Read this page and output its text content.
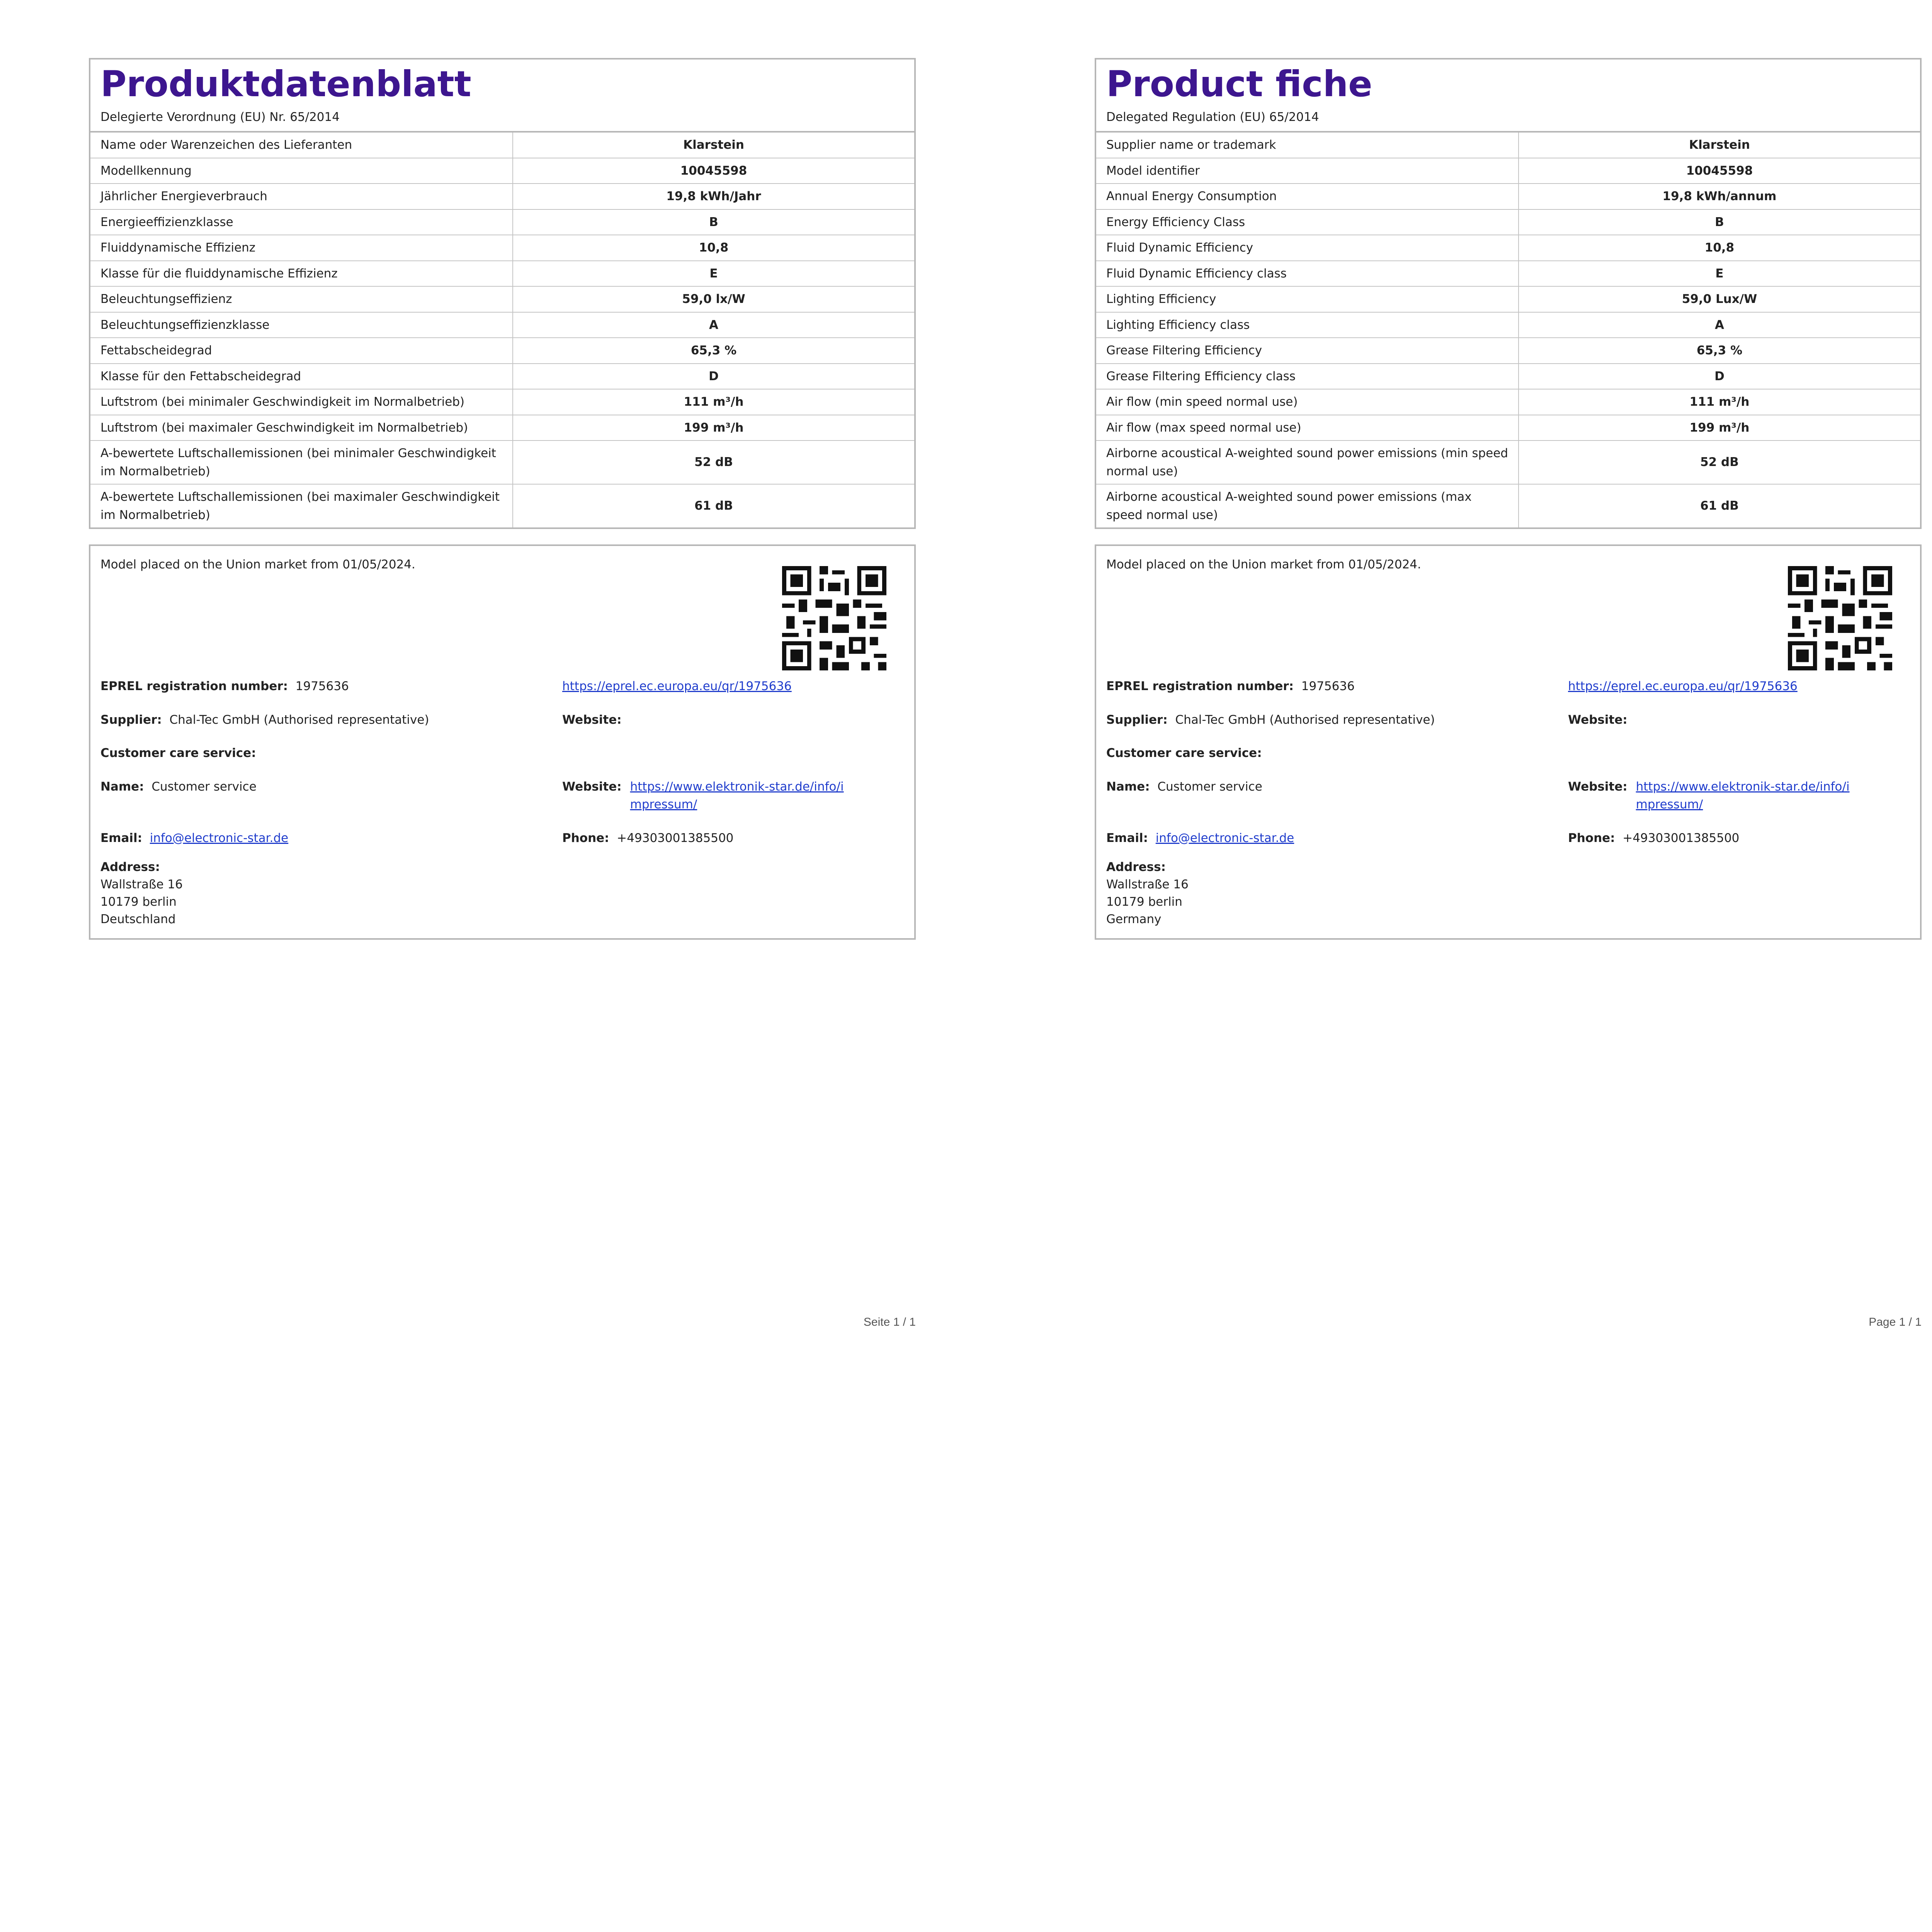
Produktdatenblatt
Delegierte Verordnung (EU) Nr. 65/2014
Name oder Warenzeichen des Lieferanten	Klarstein
Modellkennung	10045598
Jährlicher Energieverbrauch	19,8 kWh/Jahr
Energieeffizienzklasse	B
Fluiddynamische Effizienz	10,8
Klasse für die fluiddynamische Effizienz	E
Beleuchtungseffizienz	59,0 lx/W
Beleuchtungseffizienzklasse	A
Fettabscheidegrad	65,3 %
Klasse für den Fettabscheidegrad	D
Luftstrom (bei minimaler Geschwindigkeit im Normalbetrieb)	111 m³/h
Luftstrom (bei maximaler Geschwindigkeit im Normalbetrieb)	199 m³/h
A-bewertete Luftschallemissionen (bei minimaler Geschwindigkeit im Normalbetrieb)	52 dB
A-bewertete Luftschallemissionen (bei maximaler Geschwindigkeit im Normalbetrieb)	61 dB
Model placed on the Union market from 01/05/2024.
EPREL registration number: 1975636	https://eprel.ec.europa.eu/qr/1975636
Supplier: Chal-Tec GmbH (Authorised representative)	Website:
Customer care service:
Name: Customer service	Website: https://www.elektronik-star.de/info/impressum/
Email: info@electronic-star.de	Phone: +49303001385500
Address:
Wallstraße 16
10179 berlin
Deutschland
Seite 1 / 1
Product fiche
Delegated Regulation (EU) 65/2014
Supplier name or trademark	Klarstein
Model identifier	10045598
Annual Energy Consumption	19,8 kWh/annum
Energy Efficiency Class	B
Fluid Dynamic Efficiency	10,8
Fluid Dynamic Efficiency class	E
Lighting Efficiency	59,0 Lux/W
Lighting Efficiency class	A
Grease Filtering Efficiency	65,3 %
Grease Filtering Efficiency class	D
Air flow (min speed normal use)	111 m³/h
Air flow (max speed normal use)	199 m³/h
Airborne acoustical A-weighted sound power emissions (min speed normal use)	52 dB
Airborne acoustical A-weighted sound power emissions (max speed normal use)	61 dB
Model placed on the Union market from 01/05/2024.
EPREL registration number: 1975636	https://eprel.ec.europa.eu/qr/1975636
Supplier: Chal-Tec GmbH (Authorised representative)	Website:
Customer care service:
Name: Customer service	Website: https://www.elektronik-star.de/info/impressum/
Email: info@electronic-star.de	Phone: +49303001385500
Address:
Wallstraße 16
10179 berlin
Germany
Page 1 / 1
